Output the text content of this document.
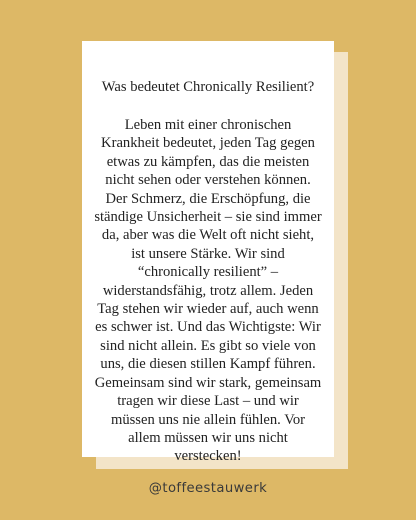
Was bedeutet Chronically Resilient?

Leben mit einer chronischen Krankheit bedeutet, jeden Tag gegen etwas zu kämpfen, das die meisten nicht sehen oder verstehen können. Der Schmerz, die Erschöpfung, die ständige Unsicherheit – sie sind immer da, aber was die Welt oft nicht sieht, ist unsere Stärke. Wir sind “chronically resilient” – widerstandsfähig, trotz allem. Jeden Tag stehen wir wieder auf, auch wenn es schwer ist. Und das Wichtigste: Wir sind nicht allein. Es gibt so viele von uns, die diesen stillen Kampf führen. Gemeinsam sind wir stark, gemeinsam tragen wir diese Last – und wir müssen uns nie allein fühlen. Vor allem müssen wir uns nicht verstecken!

@toffeestauwerk
